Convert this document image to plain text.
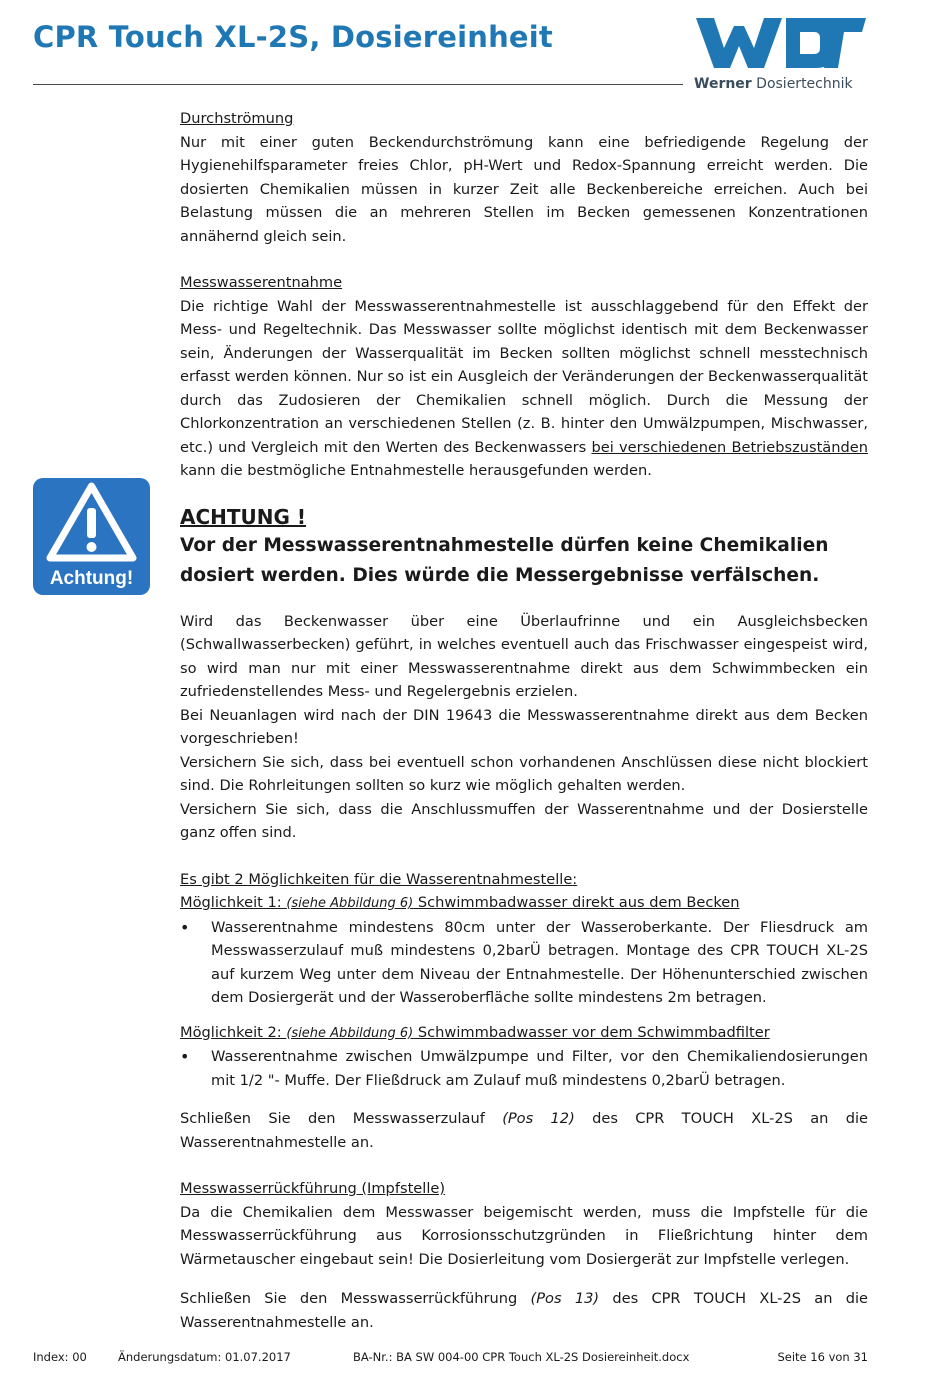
CPR Touch XL-2S, Dosiereinheit
Werner Dosiertechnik
Achtung!

Durchströmung

Nur mit einer guten Beckendurchströmung kann eine befriedigende Regelung der Hygienehilfsparameter freies Chlor, pH-Wert und Redox-Spannung erreicht werden. Die dosierten Chemikalien müssen in kurzer Zeit alle Beckenbereiche erreichen. Auch bei Belastung müssen die an mehreren Stellen im Becken gemessenen Konzentrationen annähernd gleich sein.

Messwasserentnahme

Die richtige Wahl der Messwasserentnahmestelle ist ausschlaggebend für den Effekt der Mess- und Regeltechnik. Das Messwasser sollte möglichst identisch mit dem Beckenwasser sein, Änderungen der Wasserqualität im Becken sollten möglichst schnell messtechnisch erfasst werden können. Nur so ist ein Ausgleich der Veränderungen der Beckenwasserqualität durch das Zudosieren der Chemikalien schnell möglich. Durch die Messung der Chlorkonzentration an verschiedenen Stellen (z. B. hinter den Umwälzpumpen, Mischwasser, etc.) und Vergleich mit den Werten des Beckenwassers bei verschiedenen Betriebszuständen kann die bestmögliche Entnahmestelle herausgefunden werden.

ACHTUNG !

Vor der Messwasserentnahmestelle dürfen keine Chemikalien dosiert werden. Dies würde die Messergebnisse verfälschen.

Wird das Beckenwasser über eine Überlaufrinne und ein Ausgleichsbecken (Schwallwasserbecken) geführt, in welches eventuell auch das Frischwasser eingespeist wird, so wird man nur mit einer Messwasserentnahme direkt aus dem Schwimmbecken ein zufriedenstellendes Mess- und Regelergebnis erzielen.

Bei Neuanlagen wird nach der DIN 19643 die Messwasserentnahme direkt aus dem Becken vorgeschrieben!

Versichern Sie sich, dass bei eventuell schon vorhandenen Anschlüssen diese nicht blockiert sind. Die Rohrleitungen sollten so kurz wie möglich gehalten werden.

Versichern Sie sich, dass die Anschlussmuffen der Wasserentnahme und der Dosierstelle ganz offen sind.

Es gibt 2 Möglichkeiten für die Wasserentnahmestelle:

Möglichkeit 1: (siehe Abbildung 6) Schwimmbadwasser direkt aus dem Becken

• Wasserentnahme mindestens 80cm unter der Wasseroberkante. Der Fliesdruck am Messwasserzulauf muß mindestens 0,2barÜ betragen. Montage des CPR TOUCH XL-2S auf kurzem Weg unter dem Niveau der Entnahmestelle. Der Höhenunterschied zwischen dem Dosiergerät und der Wasseroberfläche sollte mindestens 2m betragen.

Möglichkeit 2: (siehe Abbildung 6) Schwimmbadwasser vor dem Schwimmbadfilter

• Wasserentnahme zwischen Umwälzpumpe und Filter, vor den Chemikaliendosierungen mit 1/2 "- Muffe. Der Fließdruck am Zulauf muß mindestens 0,2barÜ betragen.

Schließen Sie den Messwasserzulauf (Pos 12) des CPR TOUCH XL-2S an die Wasserentnahmestelle an.

Messwasserrückführung (Impfstelle)

Da die Chemikalien dem Messwasser beigemischt werden, muss die Impfstelle für die Messwasserrückführung aus Korrosionsschutzgründen in Fließrichtung hinter dem Wärmetauscher eingebaut sein! Die Dosierleitung vom Dosiergerät zur Impfstelle verlegen.

Schließen Sie den Messwasserrückführung (Pos 13) des CPR TOUCH XL-2S an die Wasserentnahmestelle an.

Index: 00	Änderungsdatum: 01.07.2017	BA-Nr.: BA SW 004-00 CPR Touch XL-2S Dosiereinheit.docx	Seite 16 von 31
